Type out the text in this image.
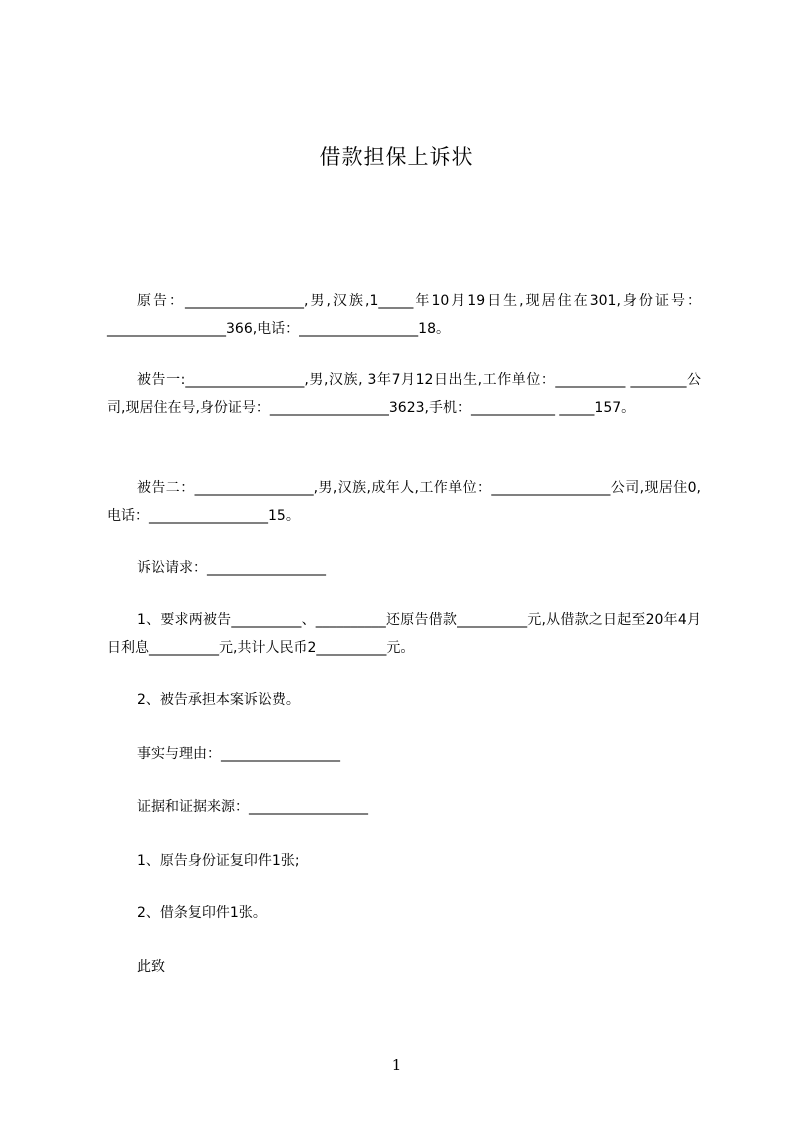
借款担保上诉状

原告：_________________,男,汉族,1_____年10月19日生,现居住在301,身份证号：_________________366,电话：_________________18。

被告一:_________________,男,汉族, 3年7月12日出生,工作单位：__________ ________公司,现居住在号,身份证号：_________________3623,手机：____________ _____157。

被告二：_________________,男,汉族,成年人,工作单位：_________________公司,现居住0,电话：_________________15。

诉讼请求：_________________

1、要求两被告__________、__________还原告借款__________元,从借款之日起至20年4月日利息__________元,共计人民币2__________元。

2、被告承担本案诉讼费。

事实与理由：_________________

证据和证据来源：_________________

1、原告身份证复印件1张;

2、借条复印件1张。

此致

1
